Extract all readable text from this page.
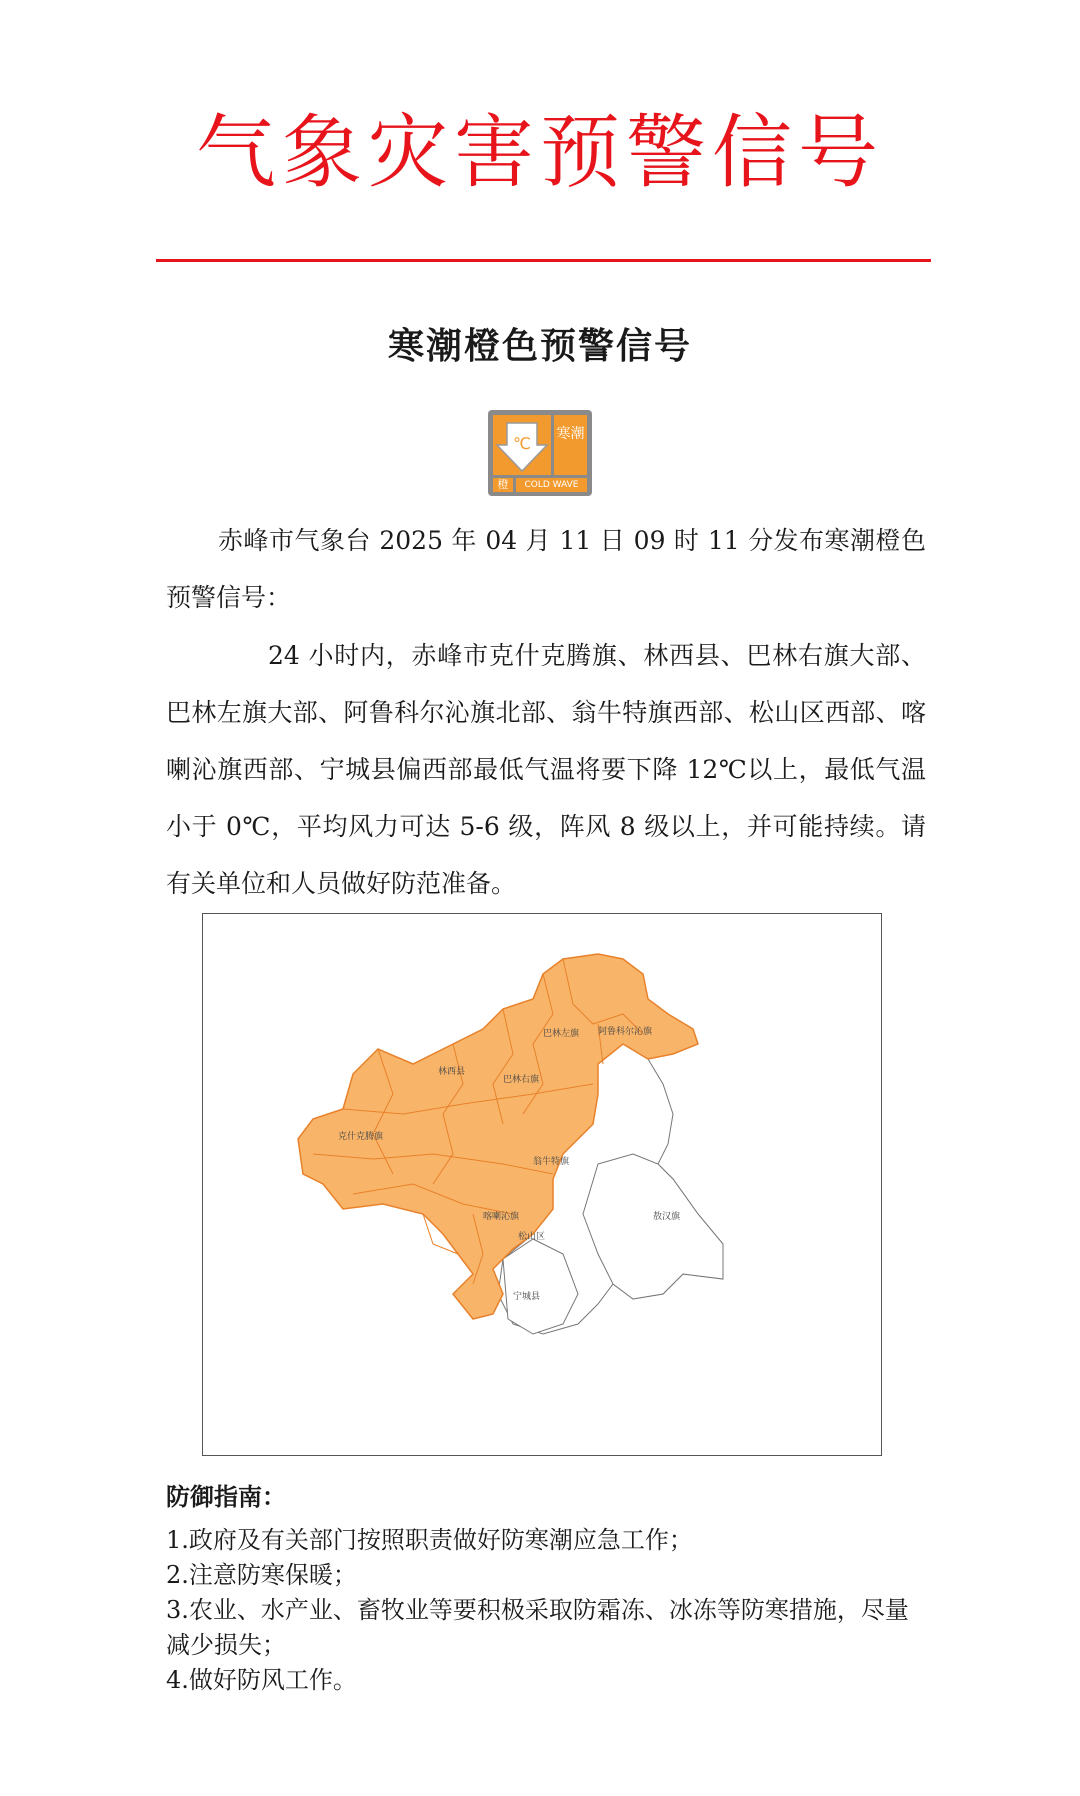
气象灾害预警信号
寒潮橙色预警信号
℃ 寒潮
橙	COLD WAVE
赤峰市气象台 2025 年 04 月 11 日 09 时 11 分发布寒潮橙色预警信号：
24 小时内，赤峰市克什克腾旗、林西县、巴林右旗大部、巴林左旗大部、阿鲁科尔沁旗北部、翁牛特旗西部、松山区西部、喀喇沁旗西部、宁城县偏西部最低气温将要下降 12℃以上，最低气温小于 0℃，平均风力可达 5-6 级，阵风 8 级以上，并可能持续。请有关单位和人员做好防范准备。
巴林左旗 阿鲁科尔沁旗
林西县
巴林右旗
克什克腾旗
翁牛特旗
喀喇沁旗
松山区
敖汉旗
宁城县
防御指南：
1.政府及有关部门按照职责做好防寒潮应急工作；
2.注意防寒保暖；
3.农业、水产业、畜牧业等要积极采取防霜冻、冰冻等防寒措施，尽量减少损失；
4.做好防风工作。
